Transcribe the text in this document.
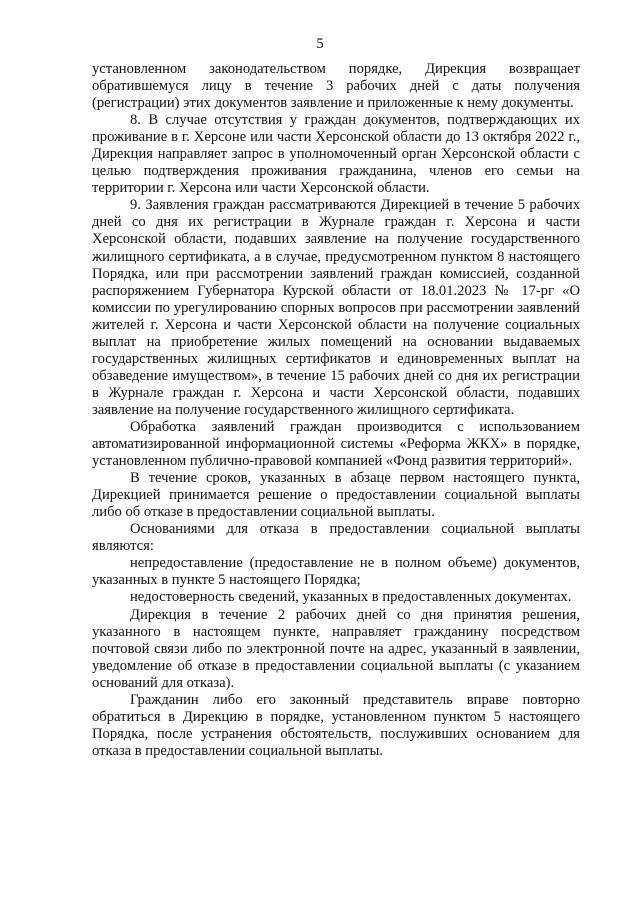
5

установленном законодательством порядке, Дирекция возвращает обратившемуся лицу в течение 3 рабочих дней с даты получения (регистрации) этих документов заявление и приложенные к нему документы.

8. В случае отсутствия у граждан документов, подтверждающих их проживание в г. Херсоне или части Херсонской области до 13 октября 2022 г., Дирекция направляет запрос в уполномоченный орган Херсонской области с целью подтверждения проживания гражданина, членов его семьи на территории г. Херсона или части Херсонской области.

9. Заявления граждан рассматриваются Дирекцией в течение 5 рабочих дней со дня их регистрации в Журнале граждан г. Херсона и части Херсонской области, подавших заявление на получение государственного жилищного сертификата, а в случае, предусмотренном пунктом 8 настоящего Порядка, или при рассмотрении заявлений граждан комиссией, созданной распоряжением Губернатора Курской области от 18.01.2023 № 17-рг «О комиссии по урегулированию спорных вопросов при рассмотрении заявлений жителей г. Херсона и части Херсонской области на получение социальных выплат на приобретение жилых помещений на основании выдаваемых государственных жилищных сертификатов и единовременных выплат на обзаведение имуществом», в течение 15 рабочих дней со дня их регистрации в Журнале граждан г. Херсона и части Херсонской области, подавших заявление на получение государственного жилищного сертификата.

Обработка заявлений граждан производится с использованием автоматизированной информационной системы «Реформа ЖКХ» в порядке, установленном публично-правовой компанией «Фонд развития территорий».

В течение сроков, указанных в абзаце первом настоящего пункта, Дирекцией принимается решение о предоставлении социальной выплаты либо об отказе в предоставлении социальной выплаты.

Основаниями для отказа в предоставлении социальной выплаты являются:

непредоставление (предоставление не в полном объеме) документов, указанных в пункте 5 настоящего Порядка;

недостоверность сведений, указанных в предоставленных документах.

Дирекция в течение 2 рабочих дней со дня принятия решения, указанного в настоящем пункте, направляет гражданину посредством почтовой связи либо по электронной почте на адрес, указанный в заявлении, уведомление об отказе в предоставлении социальной выплаты (с указанием оснований для отказа).

Гражданин либо его законный представитель вправе повторно обратиться в Дирекцию в порядке, установленном пунктом 5 настоящего Порядка, после устранения обстоятельств, послуживших основанием для отказа в предоставлении социальной выплаты.
